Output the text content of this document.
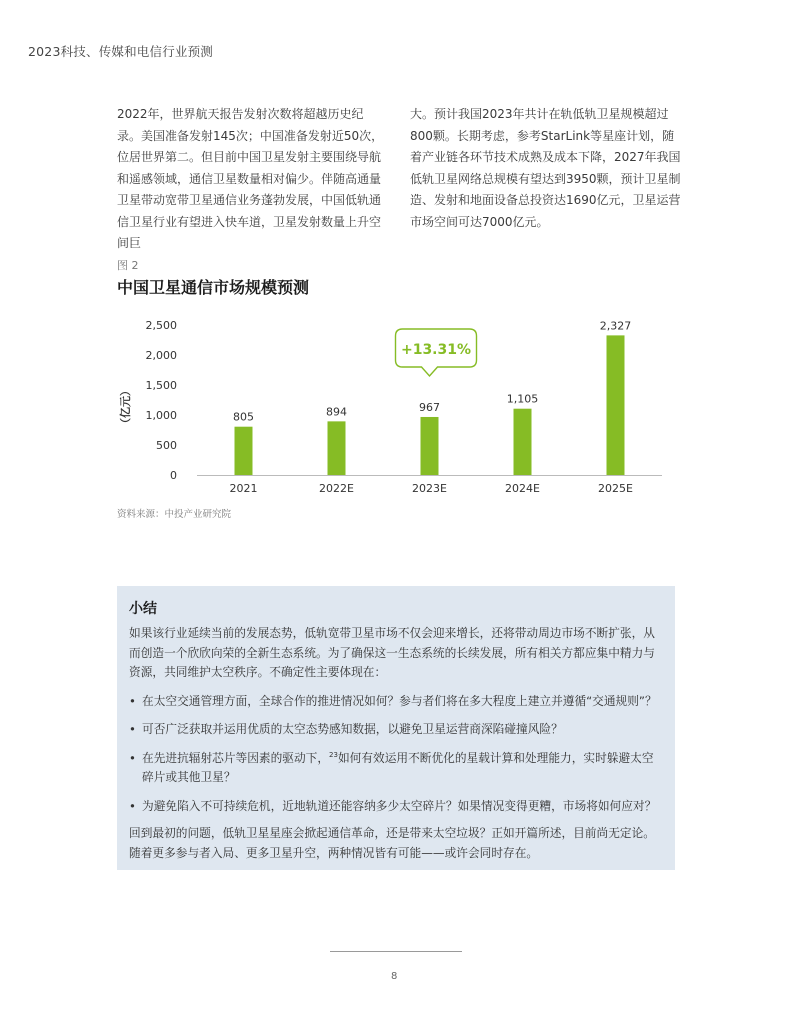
2023科技、传媒和电信行业预测
2022年，世界航天报告发射次数将超越历史纪录。美国准备发射145次；中国准备发射近50次，位居世界第二。但目前中国卫星发射主要围绕导航和遥感领域，通信卫星数量相对偏少。伴随高通量卫星带动宽带卫星通信业务蓬勃发展，中国低轨通信卫星行业有望进入快车道，卫星发射数量上升空间巨
大。预计我国2023年共计在轨低轨卫星规模超过800颗。长期考虑，参考StarLink等星座计划，随着产业链各环节技术成熟及成本下降，2027年我国低轨卫星网络总规模有望达到3950颗，预计卫星制造、发射和地面设备总投资达1690亿元，卫星运营市场空间可达7000亿元。
图 2
中国卫星通信市场规模预测
0
500
1,000
1,500
2,000
2,500
（亿元）	805
2021
894
2022E
967
2023E
1,105
2024E
2,327
2025E
+13.31%
资料来源：中投产业研究院
小结

如果该行业延续当前的发展态势，低轨宽带卫星市场不仅会迎来增长，还将带动周边市场不断扩张，从而创造一个欣欣向荣的全新生态系统。为了确保这一生态系统的长续发展，所有相关方都应集中精力与资源，共同维护太空秩序。不确定性主要体现在：

• 在太空交通管理方面，全球合作的推进情况如何？参与者们将在多大程度上建立并遵循“交通规则”？
• 可否广泛获取并运用优质的太空态势感知数据，以避免卫星运营商深陷碰撞风险？
• 在先进抗辐射芯片等因素的驱动下，$^{23}$如何有效运用不断优化的星载计算和处理能力，实时躲避太空碎片或其他卫星？
• 为避免陷入不可持续危机，近地轨道还能容纳多少太空碎片？如果情况变得更糟，市场将如何应对？

回到最初的问题，低轨卫星星座会掀起通信革命，还是带来太空垃圾？正如开篇所述，目前尚无定论。随着更多参与者入局、更多卫星升空，两种情况皆有可能——或许会同时存在。

8
